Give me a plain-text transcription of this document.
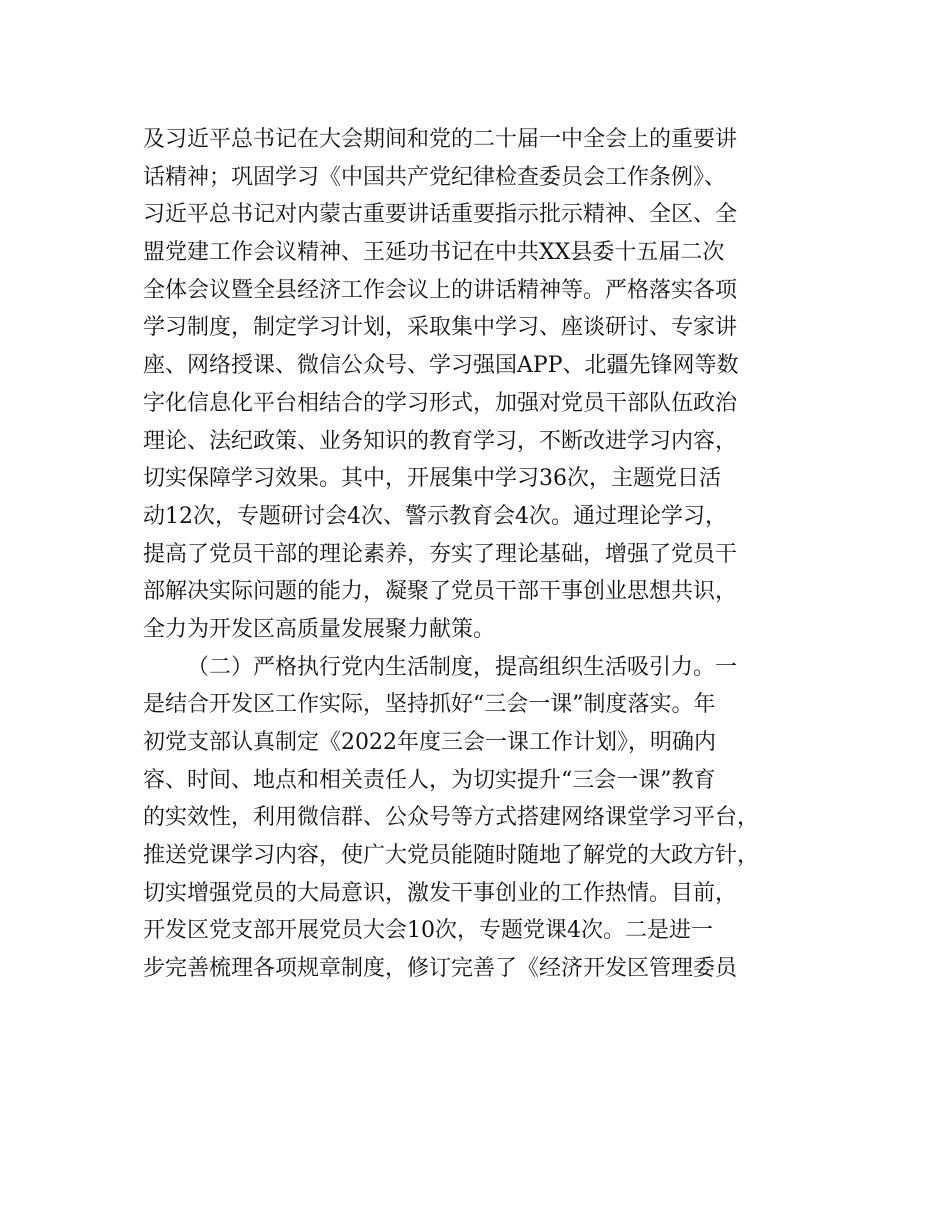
及习近平总书记在大会期间和党的二十届一中全会上的重要讲
话精神；巩固学习《中国共产党纪律检查委员会工作条例》、
习近平总书记对内蒙古重要讲话重要指示批示精神、全区、全
盟党建工作会议精神、王延功书记在中共XX县委十五届二次
全体会议暨全县经济工作会议上的讲话精神等。严格落实各项
学习制度，制定学习计划，采取集中学习、座谈研讨、专家讲
座、网络授课、微信公众号、学习强国APP、北疆先锋网等数
字化信息化平台相结合的学习形式，加强对党员干部队伍政治
理论、法纪政策、业务知识的教育学习，不断改进学习内容，
切实保障学习效果。其中，开展集中学习36次，主题党日活
动12次，专题研讨会4次、警示教育会4次。通过理论学习，
提高了党员干部的理论素养，夯实了理论基础，增强了党员干
部解决实际问题的能力，凝聚了党员干部干事创业思想共识，
全力为开发区高质量发展聚力献策。
（二）严格执行党内生活制度，提高组织生活吸引力。一
是结合开发区工作实际，坚持抓好“三会一课”制度落实。年
初党支部认真制定《2022年度三会一课工作计划》，明确内
容、时间、地点和相关责任人，为切实提升“三会一课”教育
的实效性，利用微信群、公众号等方式搭建网络课堂学习平台，
推送党课学习内容，使广大党员能随时随地了解党的大政方针，
切实增强党员的大局意识，激发干事创业的工作热情。目前，
开发区党支部开展党员大会10次，专题党课4次。二是进一
步完善梳理各项规章制度，修订完善了《经济开发区管理委员
